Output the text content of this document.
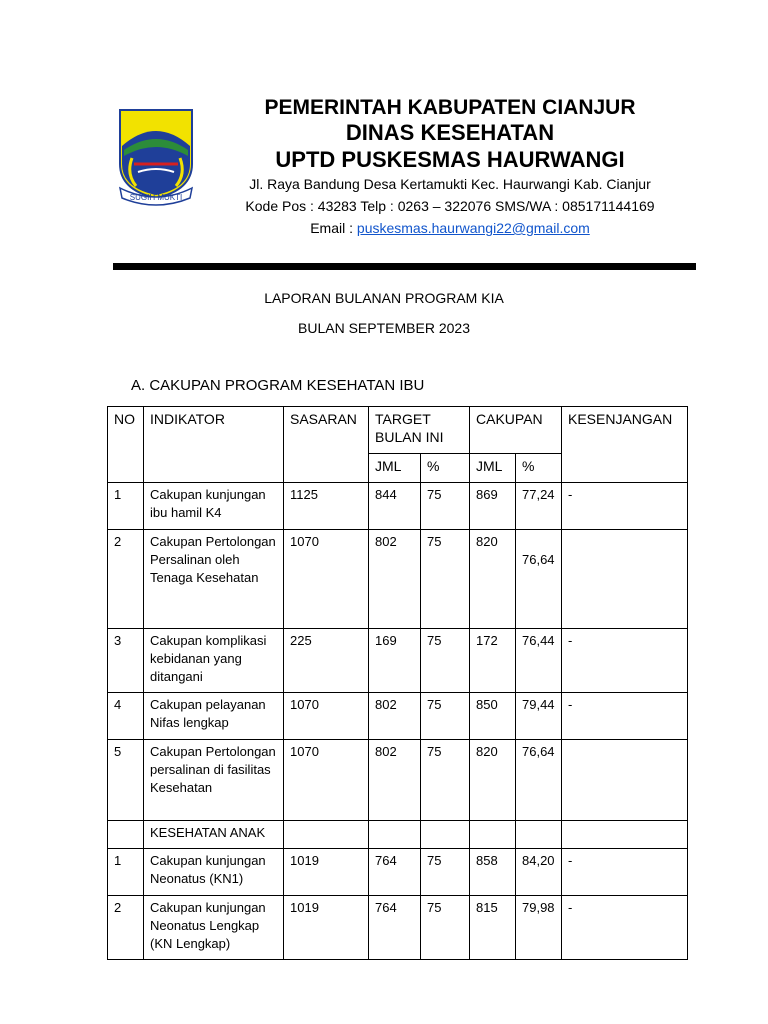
SUGIH MUKTI
PEMERINTAH KABUPATEN CIANJUR
DINAS KESEHATAN
UPTD PUSKESMAS HAURWANGI
Jl. Raya Bandung Desa Kertamukti Kec. Haurwangi Kab. Cianjur
Kode Pos : 43283 Telp : 0263 – 322076 SMS/WA : 085171144169
Email : puskesmas.haurwangi22@gmail.com
LAPORAN BULANAN PROGRAM KIA
BULAN SEPTEMBER 2023
A. CAKUPAN PROGRAM KESEHATAN IBU
NO	INDIKATOR	SASARAN	TARGET BULAN INI		CAKUPAN		KESENJANGAN
			JML	%	JML	%	
1	Cakupan kunjungan ibu hamil K4	1125	844	75	869	77,24	-
2	Cakupan Pertolongan Persalinan oleh Tenaga Kesehatan	1070	802	75	820	76,64	
3	Cakupan komplikasi kebidanan yang ditangani	225	169	75	172	76,44	-
4	Cakupan pelayanan Nifas lengkap	1070	802	75	850	79,44	-
5	Cakupan Pertolongan persalinan di fasilitas Kesehatan	1070	802	75	820	76,64	
	KESEHATAN ANAK						
1	Cakupan kunjungan Neonatus (KN1)	1019	764	75	858	84,20	-
2	Cakupan kunjungan Neonatus Lengkap (KN Lengkap)	1019	764	75	815	79,98	-
